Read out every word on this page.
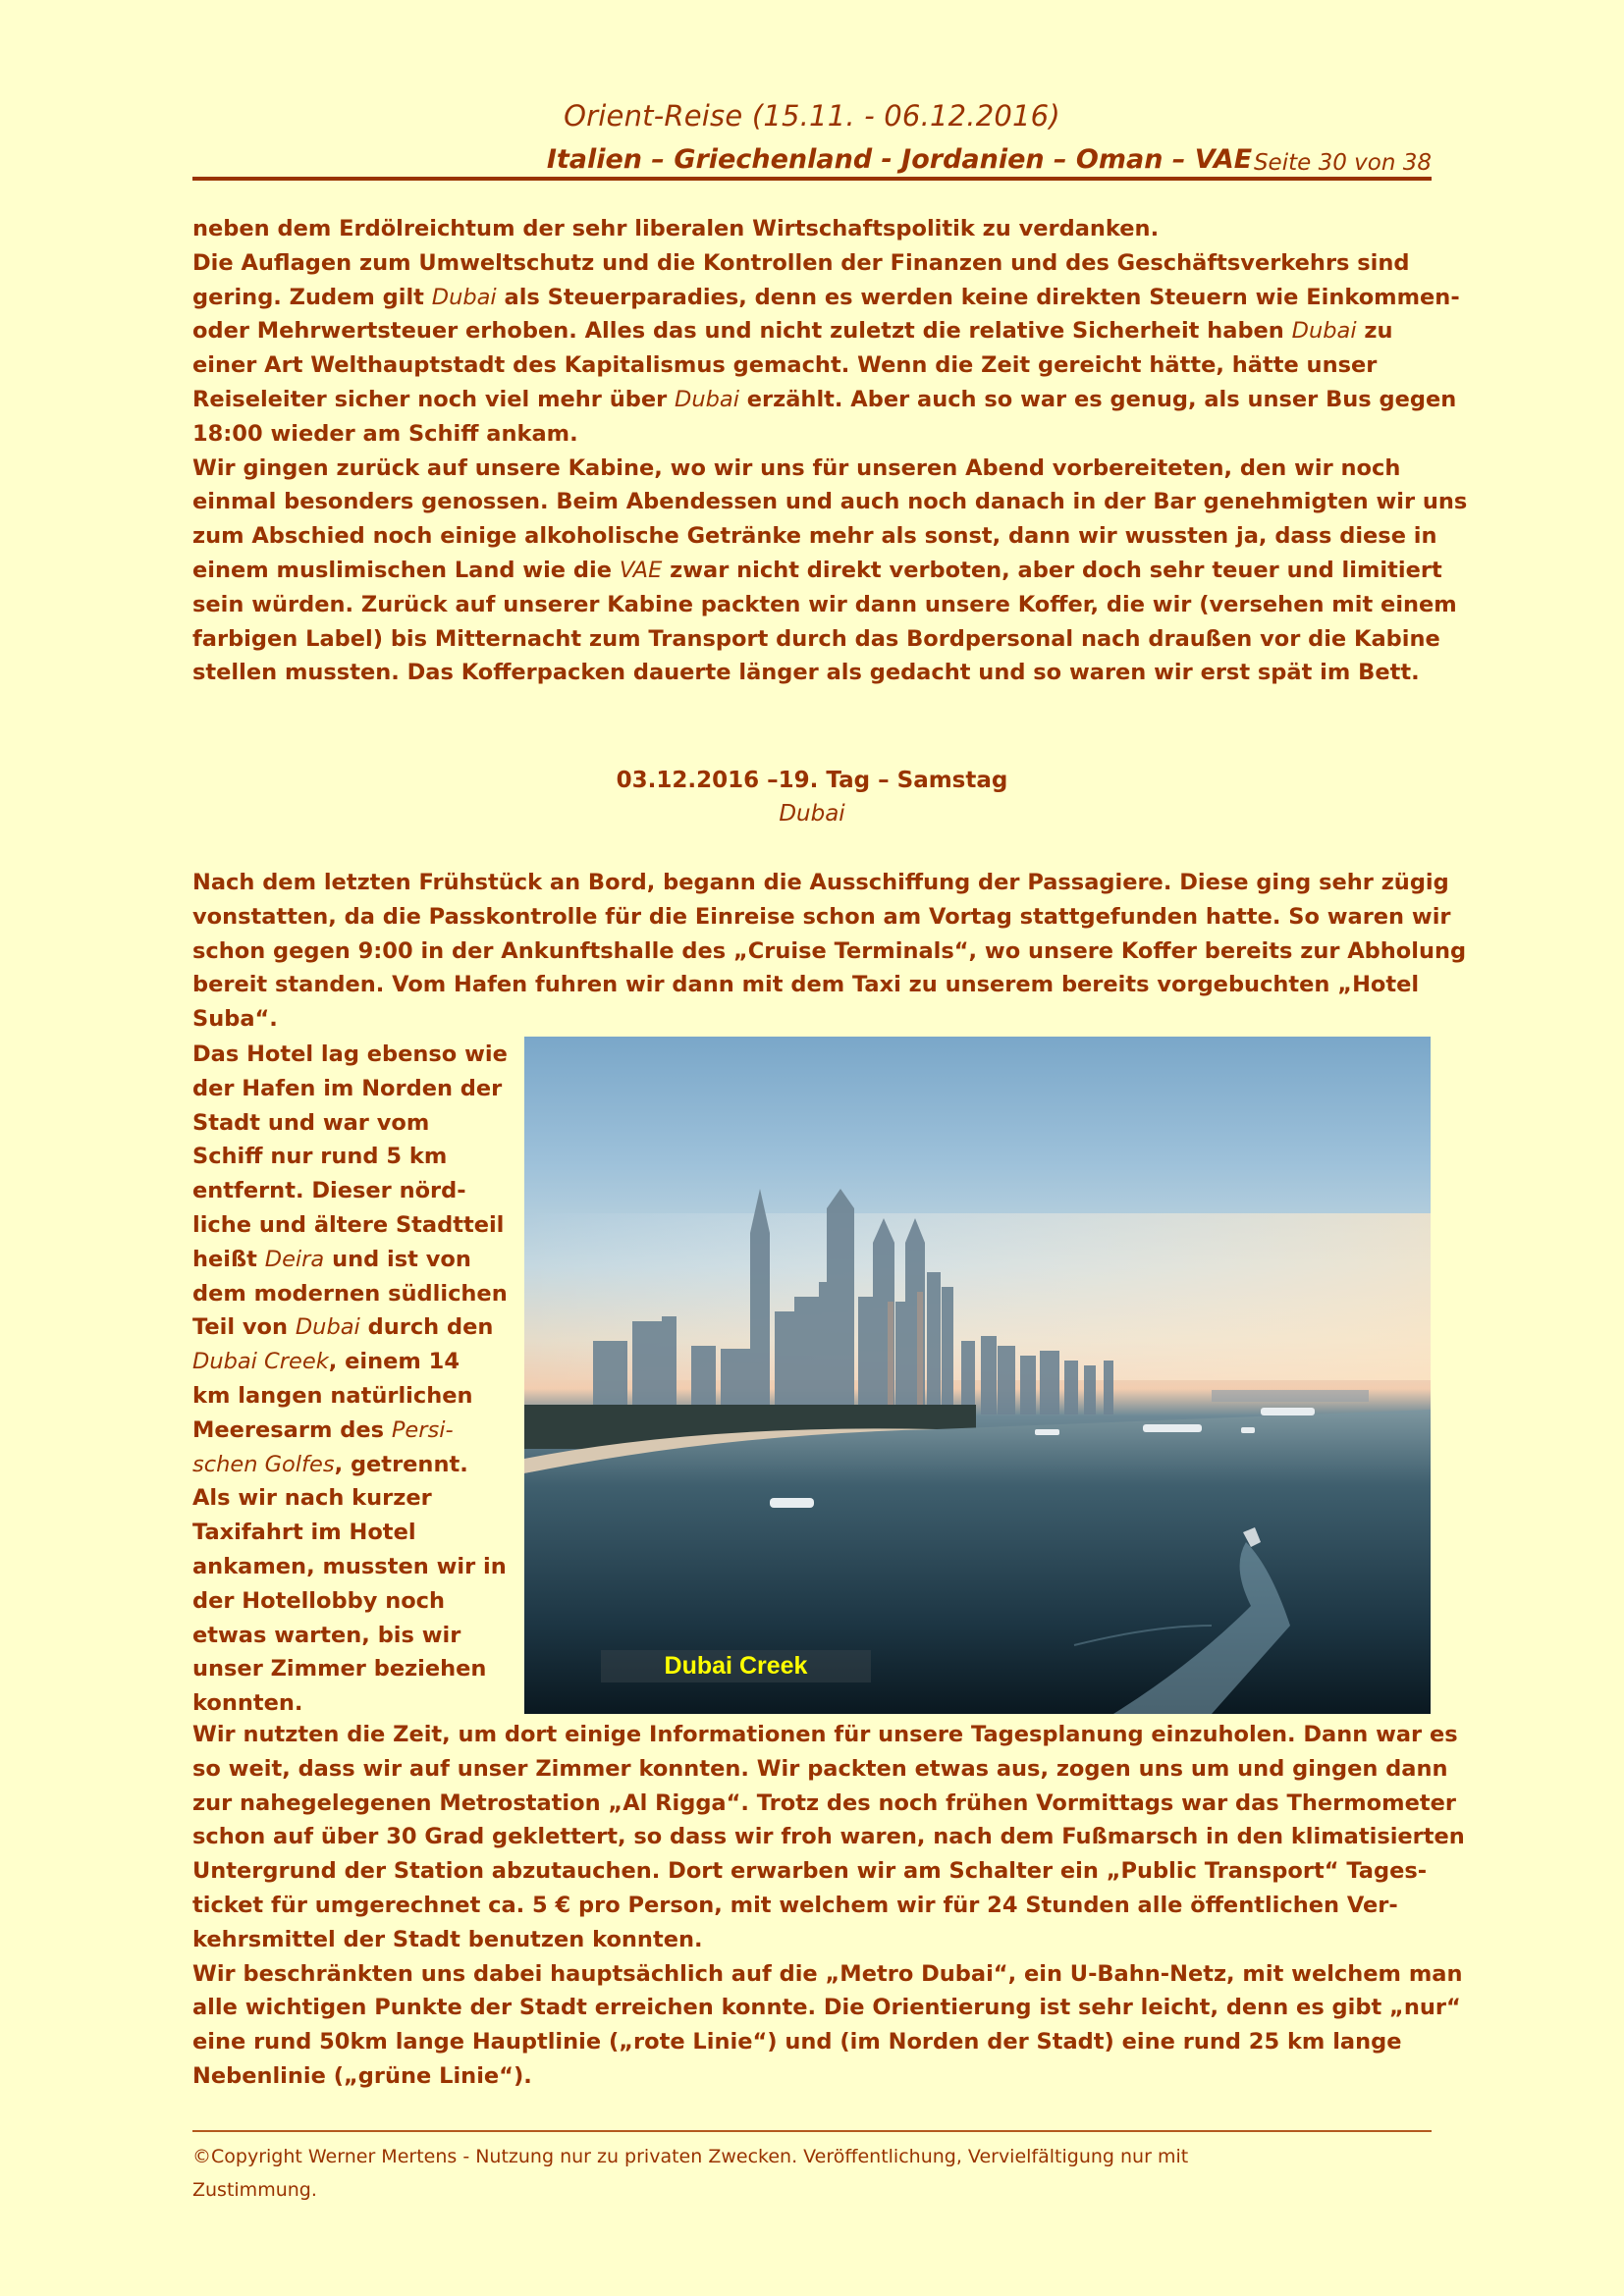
Orient-Reise (15.11. - 06.12.2016)
Italien – Griechenland - Jordanien – Oman – VAE Seite 30 von 38
neben dem Erdölreichtum der sehr liberalen Wirtschaftspolitik zu verdanken.
Die Auflagen zum Umweltschutz und die Kontrollen der Finanzen und des Geschäftsverkehrs sind
gering. Zudem gilt Dubai als Steuerparadies, denn es werden keine direkten Steuern wie Einkommen-
oder Mehrwertsteuer erhoben. Alles das und nicht zuletzt die relative Sicherheit haben Dubai zu
einer Art Welthauptstadt des Kapitalismus gemacht. Wenn die Zeit gereicht hätte, hätte unser
Reiseleiter sicher noch viel mehr über Dubai erzählt. Aber auch so war es genug, als unser Bus gegen
18:00 wieder am Schiff ankam.
Wir gingen zurück auf unsere Kabine, wo wir uns für unseren Abend vorbereiteten, den wir noch
einmal besonders genossen. Beim Abendessen und auch noch danach in der Bar genehmigten wir uns
zum Abschied noch einige alkoholische Getränke mehr als sonst, dann wir wussten ja, dass diese in
einem muslimischen Land wie die VAE zwar nicht direkt verboten, aber doch sehr teuer und limitiert
sein würden. Zurück auf unserer Kabine packten wir dann unsere Koffer, die wir (versehen mit einem
farbigen Label) bis Mitternacht zum Transport durch das Bordpersonal nach draußen vor die Kabine
stellen mussten. Das Kofferpacken dauerte länger als gedacht und so waren wir erst spät im Bett.
03.12.2016 –19. Tag – Samstag
Dubai
Nach dem letzten Frühstück an Bord, begann die Ausschiffung der Passagiere. Diese ging sehr zügig
vonstatten, da die Passkontrolle für die Einreise schon am Vortag stattgefunden hatte. So waren wir
schon gegen 9:00 in der Ankunftshalle des „Cruise Terminals“, wo unsere Koffer bereits zur Abholung
bereit standen. Vom Hafen fuhren wir dann mit dem Taxi zu unserem bereits vorgebuchten „Hotel
Suba“.
Das Hotel lag ebenso wie
der Hafen im Norden der
Stadt und war vom
Schiff nur rund 5 km
entfernt. Dieser nörd-
liche und ältere Stadtteil
heißt Deira und ist von
dem modernen südlichen
Teil von Dubai durch den
Dubai Creek, einem 14
km langen natürlichen
Meeresarm des Persi-
schen Golfes, getrennt.
Als wir nach kurzer
Taxifahrt im Hotel
ankamen, mussten wir in
der Hotellobby noch
etwas warten, bis wir
unser Zimmer beziehen
konnten.
Dubai Creek
Wir nutzten die Zeit, um dort einige Informationen für unsere Tagesplanung einzuholen. Dann war es
so weit, dass wir auf unser Zimmer konnten. Wir packten etwas aus, zogen uns um und gingen dann
zur nahegelegenen Metrostation „Al Rigga“. Trotz des noch frühen Vormittags war das Thermometer
schon auf über 30 Grad geklettert, so dass wir froh waren, nach dem Fußmarsch in den klimatisierten
Untergrund der Station abzutauchen. Dort erwarben wir am Schalter ein „Public Transport“ Tages-
ticket für umgerechnet ca. 5 € pro Person, mit welchem wir für 24 Stunden alle öffentlichen Ver-
kehrsmittel der Stadt benutzen konnten.
Wir beschränkten uns dabei hauptsächlich auf die „Metro Dubai“, ein U-Bahn-Netz, mit welchem man
alle wichtigen Punkte der Stadt erreichen konnte. Die Orientierung ist sehr leicht, denn es gibt „nur“
eine rund 50km lange Hauptlinie („rote Linie“) und (im Norden der Stadt) eine rund 25 km lange
Nebenlinie („grüne Linie“).
©Copyright Werner Mertens - Nutzung nur zu privaten Zwecken. Veröffentlichung, Vervielfältigung nur mit
Zustimmung.
